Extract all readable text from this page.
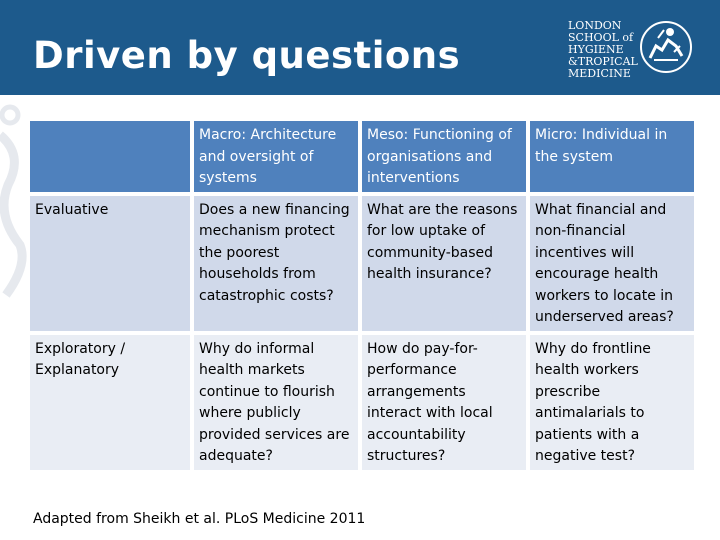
Driven by questions
LONDON
SCHOOL of
HYGIENE
&TROPICAL
MEDICINE
	Macro: Architecture and oversight of systems	Meso: Functioning of organisations and interventions	Micro: Individual in the system
Evaluative	Does a new financing mechanism protect the poorest households from catastrophic costs?	What are the reasons for low uptake of community-based health insurance?	What financial and non-financial incentives will encourage health workers to locate in underserved areas?
Exploratory / Explanatory	Why do informal health markets continue to flourish where publicly provided services are adequate?	How do pay-for-performance arrangements interact with local accountability structures?	Why do frontline health workers prescribe antimalarials to patients with a negative test?
Adapted from Sheikh et al. PLoS Medicine 2011
